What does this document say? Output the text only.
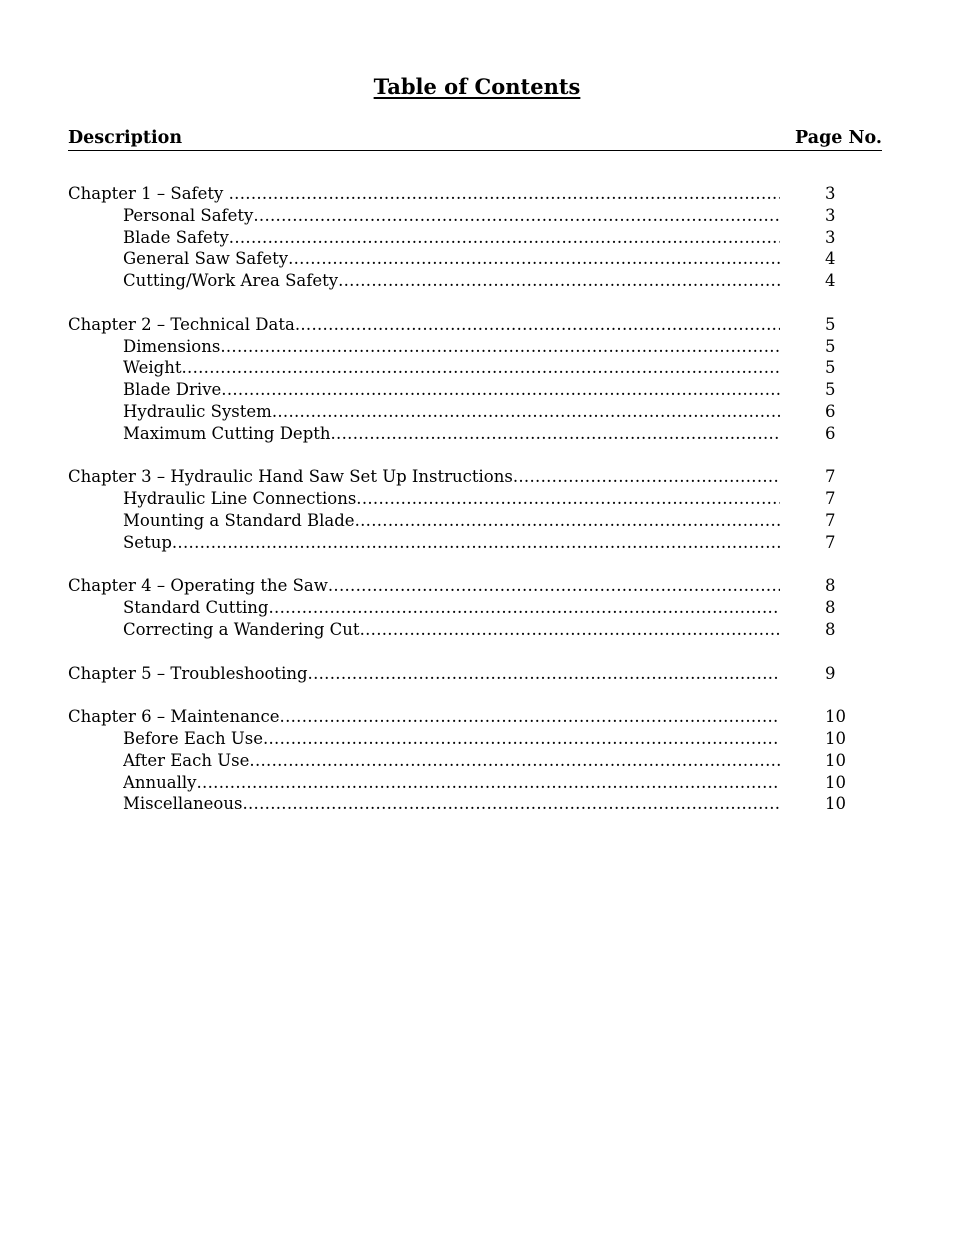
Table of Contents
Description	Page No.
Chapter 1 – Safety .....	3
Personal Safety .....	3
Blade Safety .....	3
General Saw Safety .....	4
Cutting/Work Area Safety .....	4
Chapter 2 – Technical Data .....	5
Dimensions .....	5
Weight .....	5
Blade Drive .....	5
Hydraulic System .....	6
Maximum Cutting Depth .....	6
Chapter 3 – Hydraulic Hand Saw Set Up Instructions .....	7
Hydraulic Line Connections .....	7
Mounting a Standard Blade .....	7
Setup .....	7
Chapter 4 – Operating the Saw .....	8
Standard Cutting .....	8
Correcting a Wandering Cut .....	8
Chapter 5 – Troubleshooting .....	9
Chapter 6 – Maintenance .....	10
Before Each Use .....	10
After Each Use .....	10
Annually .....	10
Miscellaneous .....	10
